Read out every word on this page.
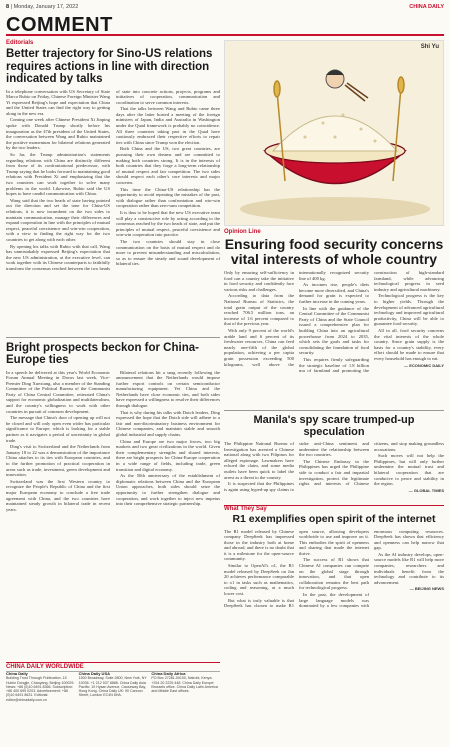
8 | Monday, January 17, 2022	CHINA DAILY
COMMENT
Editorials
Better trajectory for Sino-US relations requires actions in line with direction indicated by talks

In a telephone conversation with US Secretary of State Marco Rubio on Friday, Chinese Foreign Minister Wang Yi expressed Beijing's hope and expectation that China and the United States can find the right way to getting along in the new era.

Coming one week after Chinese President Xi Jinping spoke with Donald Trump shortly before his inauguration as the 47th president of the United States, the conversation between Wang and Rubio maintained the positive momentum for bilateral relations generated by the two leaders.

So far, the Trump administration's statements regarding relations with China are distinctly different from those of its confrontational predecessor, with Trump saying that he looks forward to maintaining good relations with President Xi and emphasizing that the two countries can work together to solve many problems in the world. Likewise, Rubio said the US hopes to have candid communication with China.

Wang said that the two heads of state having pointed out the direction and set the tone for China-US relations, it is now incumbent on the two sides to maintain communication, manage their differences and expand cooperation in line with the principles of mutual respect, peaceful coexistence and win-win cooperation, with a view to finding the right way for the two countries to get along with each other.

By opening his talks with Rubio with that call, Wang has unmistakably expressed Beijing's expectation that the new US administration, at the executive level, can work together with its Chinese counterparts to faithfully transform the consensus reached between the two heads of state into concrete actions, projects, programs and initiatives of cooperation, communication and coordination to serve common interests.

That the talks between Wang and Rubio came three days after the latter hosted a meeting of the foreign ministers of Japan, India and Australia in Washington under the Quad framework is probably no coincidence. All three countries taking part in the Quad have cautiously embraced their respective efforts to repair ties with China since Trump won the election.

Both China and the US, two great countries, are pursuing their own dreams and are committed to making both countries strong. It is in the interests of both countries that they forge a long-term relationship of mutual respect and fair competition. The two sides should respect each other's core interests and major concerns.

This time the China-US relationship has the opportunity to avoid repeating the mistakes of the past, with dialogue rather than confrontation and win-win cooperation rather than zero-sum competition.

It is thus to be hoped that the new US executive team will play a constructive role by acting according to the consensus reached by the two heads of state, and put the principles of mutual respect, peaceful coexistence and win-win cooperation into practice.

The two countries should stay in close communication on the basis of mutual respect and do more to prevent misunderstanding and miscalculation, so as to ensure the steady and sound development of bilateral ties.

Bright prospects beckon for China-Europe ties

In a speech he delivered at this year's World Economic Forum Annual Meeting in Davos last week, Vice-Premier Ding Xuexiang, also a member of the Standing Committee of the Political Bureau of the Communist Party of China Central Committee, reiterated China's support for economic globalization and multilateralism, and the country's willingness to work with other countries in pursuit of common development.

The message that China's door of opening up will not be closed and will only open even wider has particular significance to Europe, which is looking for a stable partner as it navigates a period of uncertainty in global trade.

Ding's visit to Switzerland and the Netherlands from January 18 to 22 was a demonstration of the importance China attaches to its ties with European countries, and to the further promotion of practical cooperation in areas such as trade, investment, green development and innovation.

Switzerland was the first Western country to recognize the People's Republic of China and the first major European economy to conclude a free trade agreement with China, and the two countries have maintained steady growth in bilateral trade in recent years.

Bilateral relations hit a snag recently following the announcement that the Netherlands would impose further export controls on certain semiconductor manufacturing equipment. Yet China and the Netherlands have close economic ties, and both sides have expressed a willingness to resolve their differences through dialogue.

That is why during his talks with Dutch leaders, Ding expressed the hope that the Dutch side will adhere to a fair and non-discriminatory business environment for Chinese companies, and maintain stable and smooth global industrial and supply chains.

China and Europe are two major forces, two big markets and two great civilizations in the world. Given their complementary strengths and shared interests, there are bright prospects for China-Europe cooperation in a wide range of fields, including trade, green transition and digital economy.

As the 50th anniversary of the establishment of diplomatic relations between China and the European Union approaches, both sides should seize the opportunity to further strengthen dialogue and cooperation, and work together to inject new impetus into their comprehensive strategic partnership.

CHINA DAILY WORLDWIDE
China Daily
Building Trust Through Publication. 15 Huixin Dongjie, Chaoyang, Beijing 100029. News: +86 (0)10 6491 8366. Subscription: +86 400 699 0203. Advertisement: +86 (0)10 6491 8631. Editorial: editor@chinadaily.com.cn
China Daily USA
1500 Broadway, Suite 2800, New York, NY 10036. +1 212 537 8888. China Daily Asia Pacific: 10 Hysan Avenue, Causeway Bay, Hong Kong. China Daily UK: 90 Cannon Street, London EC4N 6HA.
China Daily Africa
PO Box 27281-00100, Nairobi, Kenya. +254 20 2225 448. China Daily Europe: Brussels office. China Daily Latin America and Middle East offices.
Shi Yu
Opinion Line
Ensuring food security concerns vital interests of whole country

Only by ensuring self-sufficiency in food can a country take the initiative in food security and confidently face various risks and challenges.

According to data from the National Bureau of Statistics, the total grain output of the country reached 706.5 million tons, an increase of 1.6 percent compared to that of the previous year.

With only 9 percent of the world's arable land and 6 percent of its freshwater resources, China can feed nearly one-fifth of the global population, achieving a per capita grain possession exceeding 500 kilograms, well above the internationally recognized security line of 400 kg.

As incomes rise, people's diets become more diversified, and China's demand for grain is expected to further increase in the coming years.

In line with the guidance of the Central Committee of the Communist Party of China and the State Council issued a comprehensive plan for building China into an agricultural powerhouse from 2024 to 2035, which sets the goals and tasks for consolidating the foundation of food security.

This requires firmly safeguarding the strategic baseline of 1.8 billion mu of farmland and promoting the construction of high-standard farmland, while advancing technological progress in seed industry and agricultural machinery.

Technological progress is the key to higher yields. Through the development of advanced agricultural technology and improved agricultural productivity, China will be able to guarantee food security.

All in all, food security concerns the vital interests of the whole country. Since grain supply is the basis for a country's stability, every effort should be made to ensure that every household has enough to eat.

— ECONOMIC DAILY

Manila's spy scare trumped-up speculation

The Philippine National Bureau of Investigation has arrested a Chinese national along with two Filipinos for alleged espionage. Lawmakers have echoed the claim, and some media outlets have been quick to label the arrest as a threat to the country.

It is suspected that the Philippines is again using hyped-up spy claims to stoke anti-China sentiment and undermine the relationship between the two countries.

The Chinese Embassy in the Philippines has urged the Philippine side to conduct a fair and impartial investigation, protect the legitimate rights and interests of Chinese citizens, and stop making groundless accusations.

Such moves will not help the Philippines, but will only further undermine the mutual trust and bilateral cooperation that are conducive to peace and stability in the region.

— GLOBAL TIMES

What They Say
R1 exemplifies open spirit of the internet

The R1 model released by Chinese company DeepSeek has impressed those in the industry both at home and abroad, and there is no doubt that it is a milestone for the open-source community.

Similar to OpenAI's o1, the R1 model released by DeepSeek on Jan 20 achieves performance comparable to o1 in tasks such as mathematics, coding and reasoning, at a much lower cost.

But what is truly valuable is that DeepSeek has chosen to make R1 open source, allowing developers worldwide to use and improve on it. This embodies the spirit of openness and sharing that made the internet thrive.

The success of R1 shows that Chinese AI companies can compete on the global stage through innovation, and that open collaboration remains the best path for technological progress.

In the past, the development of large language models was dominated by a few companies with enormous computing resources. DeepSeek has shown that efficiency and openness can help narrow that gap.

As the AI industry develops, open-source models like R1 will help more companies, researchers and individuals benefit from the technology and contribute to its advancement.

— BEIJING NEWS
